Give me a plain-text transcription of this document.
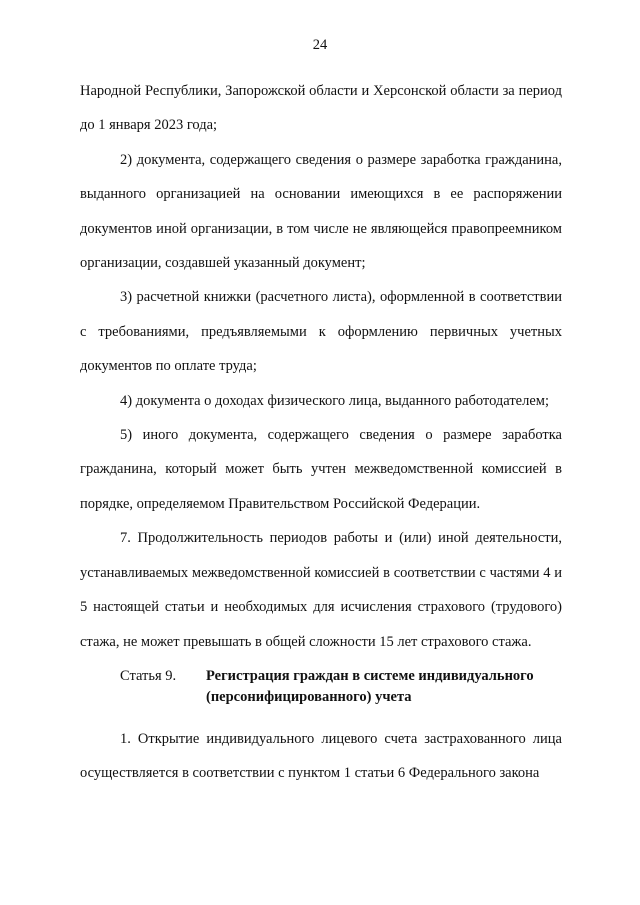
24

Народной Республики, Запорожской области и Херсонской области за период до 1 января 2023 года;

2) документа, содержащего сведения о размере заработка гражданина, выданного организацией на основании имеющихся в ее распоряжении документов иной организации, в том числе не являющейся правопреемником организации, создавшей указанный документ;

3) расчетной книжки (расчетного листа), оформленной в соответствии с требованиями, предъявляемыми к оформлению первичных учетных документов по оплате труда;

4) документа о доходах физического лица, выданного работодателем;

5) иного документа, содержащего сведения о размере заработка гражданина, который может быть учтен межведомственной комиссией в порядке, определяемом Правительством Российской Федерации.

7. Продолжительность периодов работы и (или) иной деятельности, устанавливаемых межведомственной комиссией в соответствии с частями 4 и 5 настоящей статьи и необходимых для исчисления страхового (трудового) стажа, не может превышать в общей сложности 15 лет страхового стажа.

Статья 9.	Регистрация граждан в системе индивидуального (персонифицированного) учета

1. Открытие индивидуального лицевого счета застрахованного лица осуществляется в соответствии с пунктом 1 статьи 6 Федерального закона
